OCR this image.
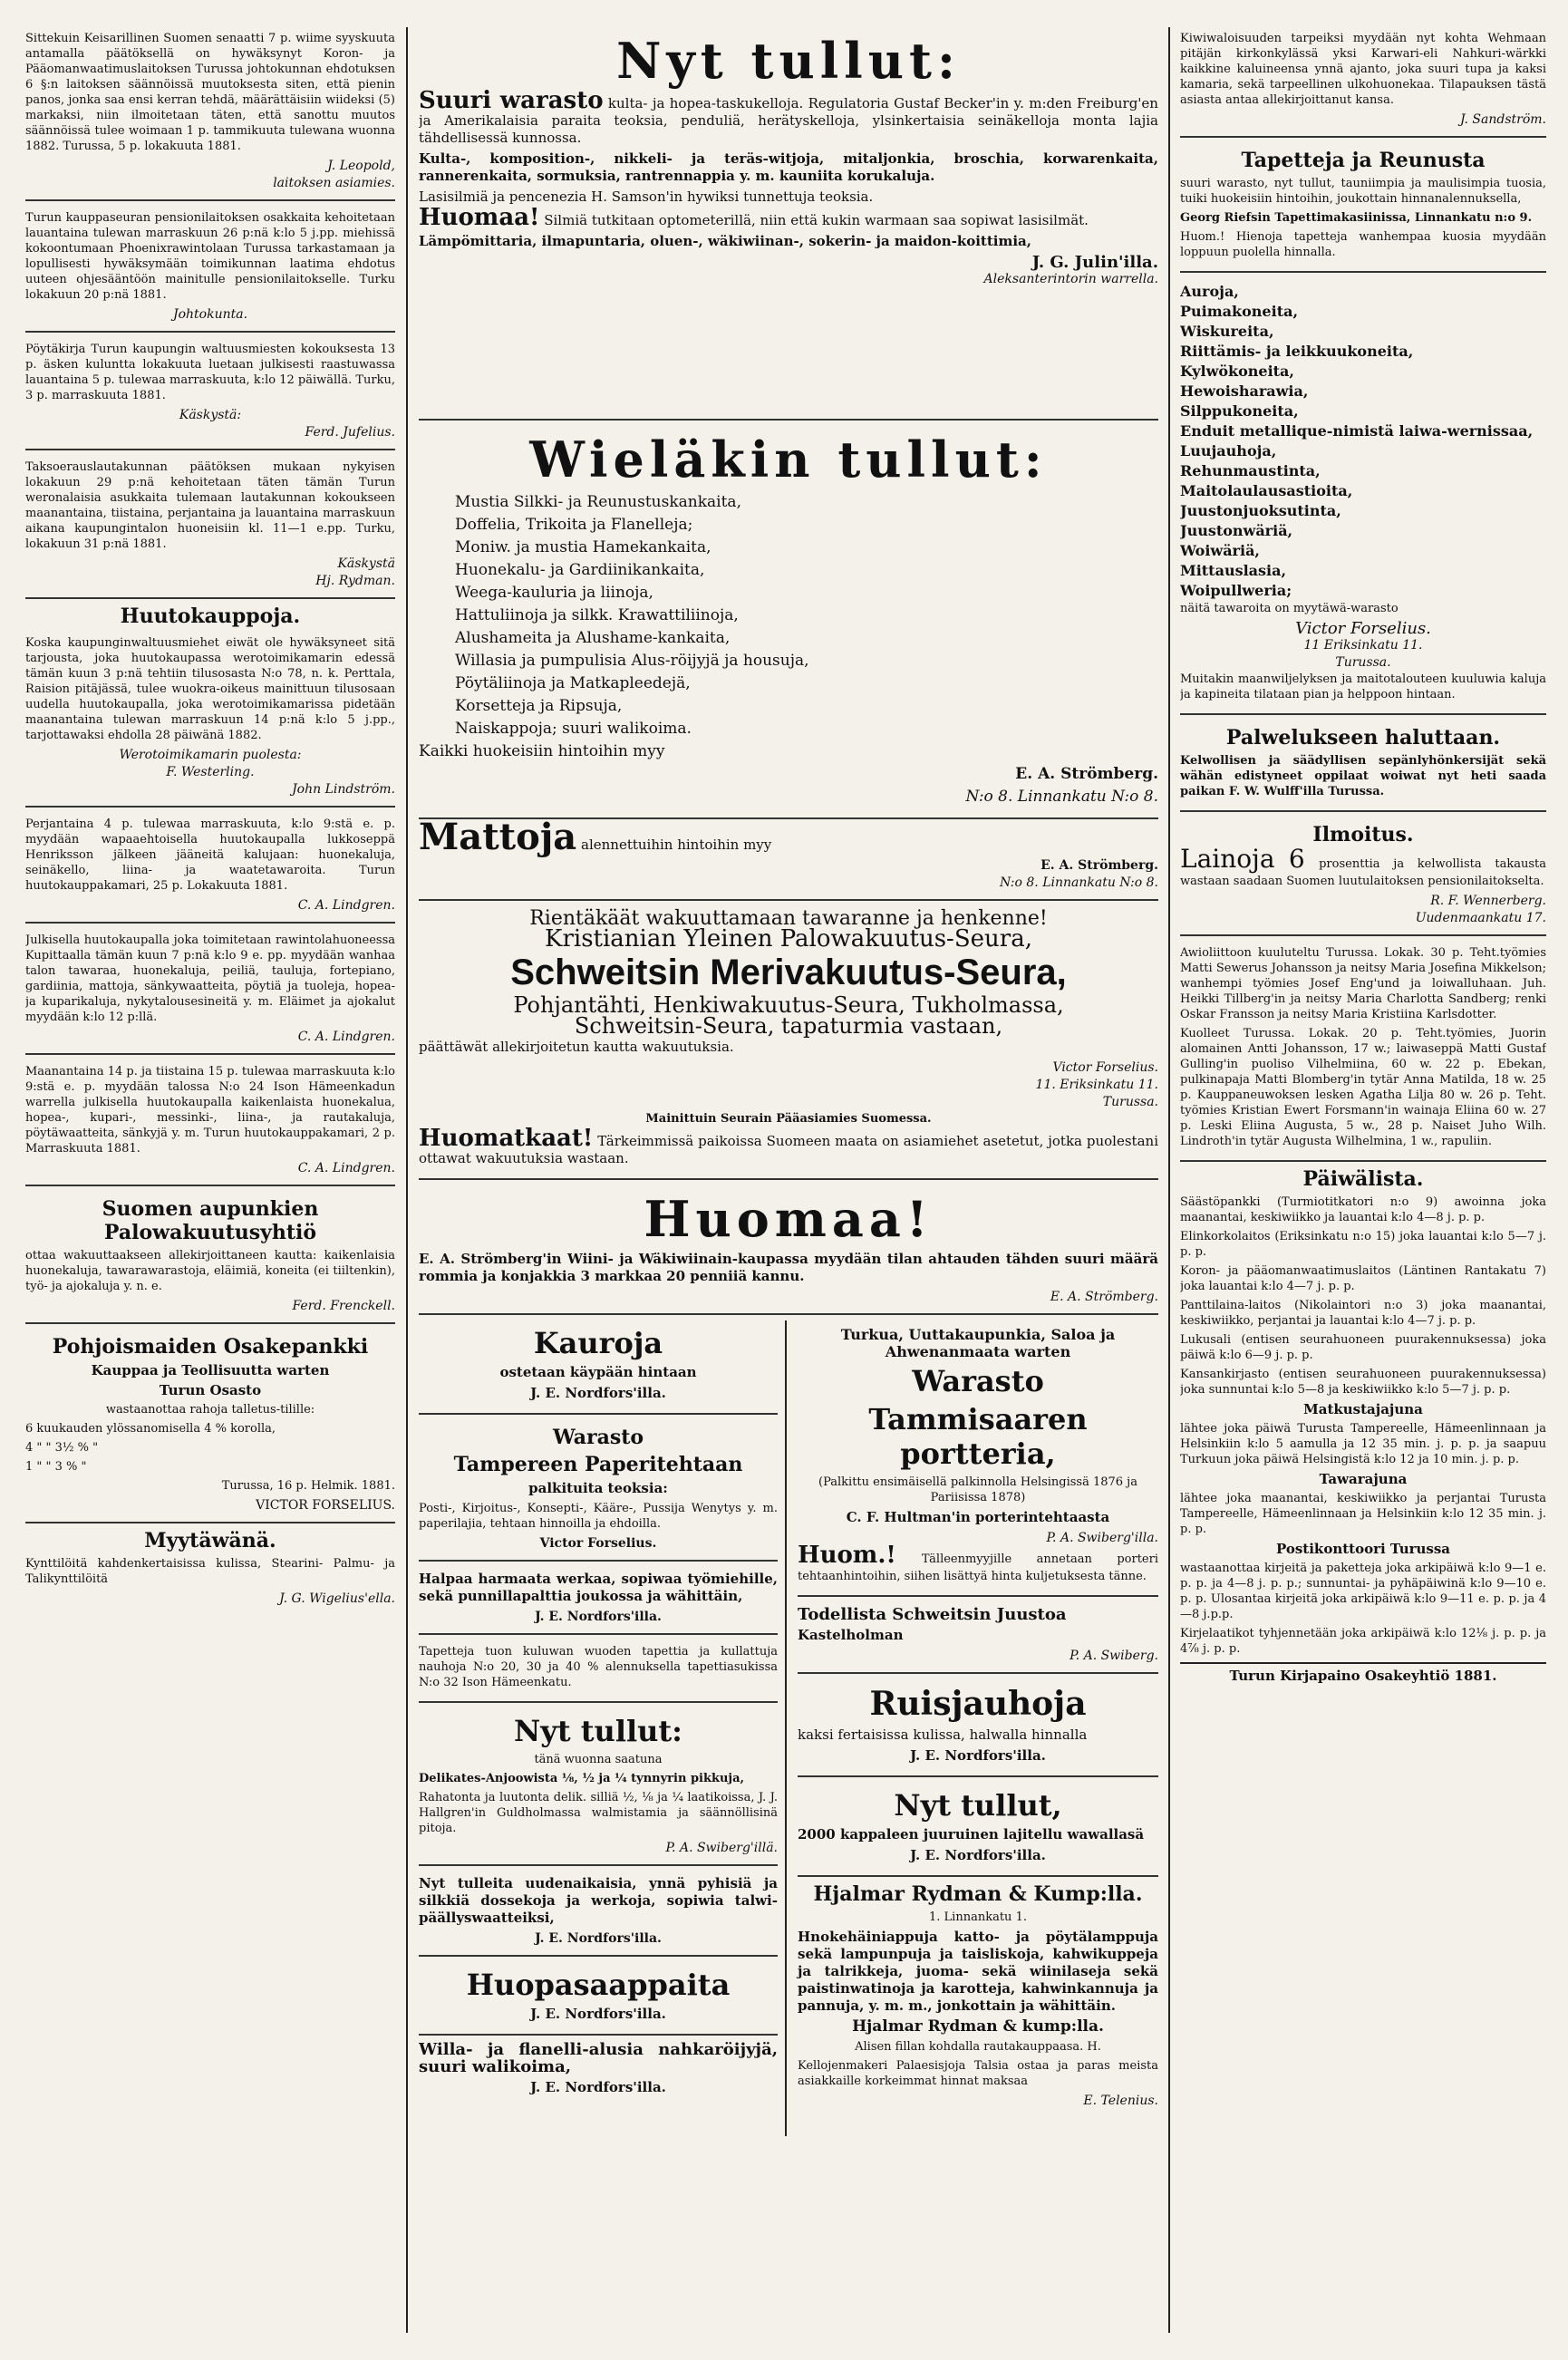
Sittekuin Keisarillinen Suomen senaatti 7 p. wiime syyskuuta antamalla päätöksellä on hywäksynyt Koron- ja Pääomanwaatimuslaitoksen Turussa johtokunnan ehdotuksen 6 §:n laitoksen säännöissä muutoksesta siten, että pienin panos, jonka saa ensi kerran tehdä, määrättäisiin wiideksi (5) markaksi, niin ilmoitetaan täten, että sanottu muutos säännöissä tulee woimaan 1 p. tammikuuta tulewana wuonna 1882. Turussa, 5 p. lokakuuta 1881.

J. Leopold,

laitoksen asiamies.

Turun kauppaseuran pensionilaitoksen osakkaita kehoitetaan lauantaina tulewan marraskuun 26 p:nä k:lo 5 j.pp. miehissä kokoontumaan Phoenixrawintolaan Turussa tarkastamaan ja lopullisesti hywäksymään toimikunnan laatima ehdotus uuteen ohjesääntöön mainitulle pensionilaitokselle. Turku lokakuun 20 p:nä 1881.

Johtokunta.

Pöytäkirja Turun kaupungin waltuusmiesten kokouksesta 13 p. äsken kuluntta lokakuuta luetaan julkisesti raastuwassa lauantaina 5 p. tulewaa marraskuuta, k:lo 12 päiwällä. Turku, 3 p. marraskuuta 1881.

Käskystä:

Ferd. Jufelius.

Taksoerauslautakunnan päätöksen mukaan nykyisen lokakuun 29 p:nä kehoitetaan täten tämän Turun weronalaisia asukkaita tulemaan lautakunnan kokoukseen maanantaina, tiistaina, perjantaina ja lauantaina marraskuun aikana kaupungintalon huoneisiin kl. 11—1 e.pp. Turku, lokakuun 31 p:nä 1881.

Käskystä

Hj. Rydman.

Huutokauppoja.

Koska kaupunginwaltuusmiehet eiwät ole hywäksyneet sitä tarjousta, joka huutokaupassa werotoimikamarin edessä tämän kuun 3 p:nä tehtiin tilusosasta N:o 78, n. k. Perttala, Raision pitäjässä, tulee wuokra-oikeus mainittuun tilusosaan uudella huutokaupalla, joka werotoimikamarissa pidetään maanantaina tulewan marraskuun 14 p:nä k:lo 5 j.pp., tarjottawaksi ehdolla 28 päiwänä 1882.

Werotoimikamarin puolesta:

F. Westerling.

John Lindström.

Perjantaina 4 p. tulewaa marraskuuta, k:lo 9:stä e. p. myydään wapaaehtoisella huutokaupalla lukkoseppä Henriksson jälkeen jääneitä kalujaan: huonekaluja, seinäkello, liina- ja waatetawaroita. Turun huutokauppakamari, 25 p. Lokakuuta 1881.

C. A. Lindgren.

Julkisella huutokaupalla joka toimitetaan rawintolahuoneessa Kupittaalla tämän kuun 7 p:nä k:lo 9 e. pp. myydään wanhaa talon tawaraa, huonekaluja, peiliä, tauluja, fortepiano, gardiinia, mattoja, sänkywaatteita, pöytiä ja tuoleja, hopea- ja kuparikaluja, nykytalousesineitä y. m. Eläimet ja ajokalut myydään k:lo 12 p:llä.

C. A. Lindgren.

Maanantaina 14 p. ja tiistaina 15 p. tulewaa marraskuuta k:lo 9:stä e. p. myydään talossa N:o 24 Ison Hämeenkadun warrella julkisella huutokaupalla kaikenlaista huonekalua, hopea-, kupari-, messinki-, liina-, ja rautakaluja, pöytäwaatteita, sänkyjä y. m. Turun huutokauppakamari, 2 p. Marraskuuta 1881.

C. A. Lindgren.

Suomen aupunkien Palowakuutusyhtiö

ottaa wakuuttaakseen allekirjoittaneen kautta: kaikenlaisia huonekaluja, tawarawarastoja, eläimiä, koneita (ei tiiltenkin), työ- ja ajokaluja y. n. e.

Ferd. Frenckell.

Pohjoismaiden Osakepankki
Kauppaa ja Teollisuutta warten
Turun Osasto

wastaanottaa rahoja talletus-tilille:

6 kuukauden ylössanomisella 4 % korolla,

4 " " 3½ % "

1 " " 3 % "

Turussa, 16 p. Helmik. 1881.

VICTOR FORSELIUS.

Myytäwänä.

Kynttilöitä kahdenkertaisissa kulissa, Stearini- Palmu- ja Talikynttilöitä

J. G. Wigelius'ella.

Nyt tullut:

Suuri warasto kulta- ja hopea-taskukelloja. Regulatoria Gustaf Becker'in y. m:den Freiburg'en ja Amerikalaisia paraita teoksia, penduliä, herätyskelloja, ylsinkertaisia seinäkelloja monta lajia tähdellisessä kunnossa.

Kulta-, komposition-, nikkeli- ja teräs-witjoja, mitaljonkia, broschia, korwarenkaita, rannerenkaita, sormuksia, rantrennappia y. m. kauniita korukaluja.

Lasisilmiä ja pencenezia H. Samson'in hywiksi tunnettuja teoksia.

Huomaa! Silmiä tutkitaan optometerillä, niin että kukin warmaan saa sopiwat lasisilmät.

Lämpömittaria, ilmapuntaria, oluen-, wäkiwiinan-, sokerin- ja maidon-koittimia,

J. G. Julin'illa.

Aleksanterintorin warrella.

Wieläkin tullut:

Mustia Silkki- ja Reunustuskankaita,

Doffelia, Trikoita ja Flanelleja;

Moniw. ja mustia Hamekankaita,

Huonekalu- ja Gardiinikankaita,

Weega-kauluria ja liinoja,

Hattuliinoja ja silkk. Krawattiliinoja,

Alushameita ja Alushame-kankaita,

Willasia ja pumpulisia Alus-röijyjä ja housuja,

Pöytäliinoja ja Matkapleedejä,

Korsetteja ja Ripsuja,

Naiskappoja; suuri walikoima.

Kaikki huokeisiin hintoihin myy

E. A. Strömberg.

N:o 8. Linnankatu N:o 8.

Mattoja alennettuihin hintoihin myy

E. A. Strömberg.

N:o 8. Linnankatu N:o 8.

Rientäkäät wakuuttamaan tawaranne ja henkenne!

Kristianian Yleinen Palowakuutus-Seura,

Schweitsin Merivakuutus-Seura,

Pohjantähti, Henkiwakuutus-Seura, Tukholmassa,

Schweitsin-Seura, tapaturmia vastaan,

päättäwät allekirjoitetun kautta wakuutuksia.

Victor Forselius.

11. Eriksinkatu 11.

Turussa.

Mainittuin Seurain Pääasiamies Suomessa.

Huomatkaat! Tärkeimmissä paikoissa Suomeen maata on asiamiehet asetetut, jotka puolestani ottawat wakuutuksia wastaan.

Huomaa!

E. A. Strömberg'in Wiini- ja Wäkiwiinain-kaupassa myydään tilan ahtauden tähden suuri määrä rommia ja konjakkia 3 markkaa 20 penniiä kannu.

E. A. Strömberg.

Kauroja

ostetaan käypään hintaan

J. E. Nordfors'illa.

Warasto
Tampereen Paperitehtaan

palkituita teoksia:

Posti-, Kirjoitus-, Konsepti-, Kääre-, Pussija Wenytys y. m. paperilajia, tehtaan hinnoilla ja ehdoilla.

Victor Forselius.

Halpaa harmaata werkaa, sopiwaa työmiehille, sekä punnillapalttia joukossa ja wähittäin,

J. E. Nordfors'illa.

Tapetteja tuon kuluwan wuoden tapettia ja kullattuja nauhoja N:o 20, 30 ja 40 % alennuksella tapettiasukissa N:o 32 Ison Hämeenkatu.

Nyt tullut:

tänä wuonna saatuna

Delikates-Anjoowista ⅛, ½ ja ¼ tynnyrin pikkuja,

Rahatonta ja luutonta delik. silliä ½, ⅛ ja ¼ laatikoissa, J. J. Hallgren'in Guldholmassa walmistamia ja säännöllisinä pitoja.

P. A. Swiberg'illä.

Nyt tulleita uudenaikaisia, ynnä pyhisiä ja silkkiä dossekoja ja werkoja, sopiwia talwi-päällyswaatteiksi,

J. E. Nordfors'illa.

Huopasaappaita

J. E. Nordfors'illa.

Willa- ja flanelli-alusia nahkaröijyjä, suuri walikoima,

J. E. Nordfors'illa.

Turkua, Uuttakaupunkia, Saloa ja Ahwenanmaata warten
Warasto
Tammisaaren portteria,

(Palkittu ensimäisellä palkinnolla Helsingissä 1876 ja Pariisissa 1878)

C. F. Hultman'in porterintehtaasta

P. A. Swiberg'illa.

Huom.! Tälleenmyyjille annetaan porteri tehtaanhintoihin, siihen lisättyä hinta kuljetuksesta tänne.

Todellista Schweitsin Juustoa

Kastelholman

P. A. Swiberg.

Ruisjauhoja

kaksi fertaisissa kulissa, halwalla hinnalla

J. E. Nordfors'illa.

Nyt tullut,

2000 kappaleen juuruinen lajitellu wawallasä

J. E. Nordfors'illa.

Hjalmar Rydman & Kump:lla.

1. Linnankatu 1.

Hnokehäiniappuja katto- ja pöytälamppuja sekä lampunpuja ja taisliskoja, kahwikuppeja ja talrikkeja, juoma- sekä wiinilaseja sekä paistinwatinoja ja karotteja, kahwinkannuja ja pannuja, y. m. m., jonkottain ja wähittäin.

Hjalmar Rydman & kump:lla.

Alisen fillan kohdalla rautakauppaasa. H.

Kellojenmakeri Palaesisjoja Talsia ostaa ja paras meista asiakkaille korkeimmat hinnat maksaa

E. Telenius.

Kiwiwaloisuuden tarpeiksi myydään nyt kohta Wehmaan pitäjän kirkonkylässä yksi Karwari-eli Nahkuri-wärkki kaikkine kaluineensa ynnä ajanto, joka suuri tupa ja kaksi kamaria, sekä tarpeellinen ulkohuonekaa. Tilapauksen tästä asiasta antaa allekirjoittanut kansa.

J. Sandström.

Tapetteja ja Reunusta

suuri warasto, nyt tullut, tauniimpia ja maulisimpia tuosia, tuiki huokeisiin hintoihin, joukottain hinnanalennuksella,

Georg Riefsin Tapettimakasiinissa, Linnankatu n:o 9.

Huom.! Hienoja tapetteja wanhempaa kuosia myydään loppuun puolella hinnalla.

Auroja,

Puimakoneita,

Wiskureita,

Riittämis- ja leikkuukoneita,

Kylwökoneita,

Hewoisharawia,

Silppukoneita,

Enduit metallique-nimistä laiwa-wernissaa,

Luujauhoja,

Rehunmaustinta,

Maitolaulausastioita,

Juustonjuoksutinta,

Juustonwäriä,

Woiwäriä,

Mittauslasia,

Woipullweria;

näitä tawaroita on myytäwä-warasto

Victor Forselius.

11 Eriksinkatu 11.

Turussa.

Muitakin maanwiljelyksen ja maitotalouteen kuuluwia kaluja ja kapineita tilataan pian ja helppoon hintaan.

Palwelukseen haluttaan.

Kelwollisen ja säädyllisen sepänlyhönkersijät sekä wähän edistyneet oppilaat woiwat nyt heti saada paikan F. W. Wulff'illa Turussa.

Ilmoitus.

Lainoja 6 prosenttia ja kelwollista takausta wastaan saadaan Suomen luutulaitoksen pensionilaitokselta.

R. F. Wennerberg.

Uudenmaankatu 17.

Awioliittoon kuuluteltu Turussa. Lokak. 30 p. Teht.työmies Matti Sewerus Johansson ja neitsy Maria Josefina Mikkelson; wanhempi työmies Josef Eng'und ja loiwalluhaan. Juh. Heikki Tillberg'in ja neitsy Maria Charlotta Sandberg; renki Oskar Fransson ja neitsy Maria Kristiina Karlsdotter.

Kuolleet Turussa. Lokak. 20 p. Teht.työmies, Juorin alomainen Antti Johansson, 17 w.; laiwaseppä Matti Gustaf Gulling'in puoliso Vilhelmiina, 60 w. 22 p. Ebekan, pulkinapaja Matti Blomberg'in tytär Anna Matilda, 18 w. 25 p. Kauppaneuwoksen lesken Agatha Lilja 80 w. 26 p. Teht. työmies Kristian Ewert Forsmann'in wainaja Eliina 60 w. 27 p. Leski Eliina Augusta, 5 w., 28 p. Naiset Juho Wilh. Lindroth'in tytär Augusta Wilhelmina, 1 w., rapuliin.

Päiwälista.

Säästöpankki (Turmiotitkatori n:o 9) awoinna joka maanantai, keskiwiikko ja lauantai k:lo 4—8 j. p. p.

Elinkorkolaitos (Eriksinkatu n:o 15) joka lauantai k:lo 5—7 j. p. p.

Koron- ja pääomanwaatimuslaitos (Läntinen Rantakatu 7) joka lauantai k:lo 4—7 j. p. p.

Panttilaina-laitos (Nikolaintori n:o 3) joka maanantai, keskiwiikko, perjantai ja lauantai k:lo 4—7 j. p. p.

Lukusali (entisen seurahuoneen puurakennuksessa) joka päiwä k:lo 6—9 j. p. p.

Kansankirjasto (entisen seurahuoneen puurakennuksessa) joka sunnuntai k:lo 5—8 ja keskiwiikko k:lo 5—7 j. p. p.

Matkustajajuna

lähtee joka päiwä Turusta Tampereelle, Hämeenlinnaan ja Helsinkiin k:lo 5 aamulla ja 12 35 min. j. p. p. ja saapuu Turkuun joka päiwä Helsingistä k:lo 12 ja 10 min. j. p. p.

Tawarajuna

lähtee joka maanantai, keskiwiikko ja perjantai Turusta Tampereelle, Hämeenlinnaan ja Helsinkiin k:lo 12 35 min. j. p. p.

Postikonttoori Turussa

wastaanottaa kirjeitä ja paketteja joka arkipäiwä k:lo 9—1 e. p. p. ja 4—8 j. p. p.; sunnuntai- ja pyhäpäiwinä k:lo 9—10 e. p. p. Ulosantaa kirjeitä joka arkipäiwä k:lo 9—11 e. p. p. ja 4—8 j.p.p.

Kirjelaatikot tyhjennetään joka arkipäiwä k:lo 12⅛ j. p. p. ja 4⅞ j. p. p.

Turun Kirjapaino Osakeyhtiö 1881.
